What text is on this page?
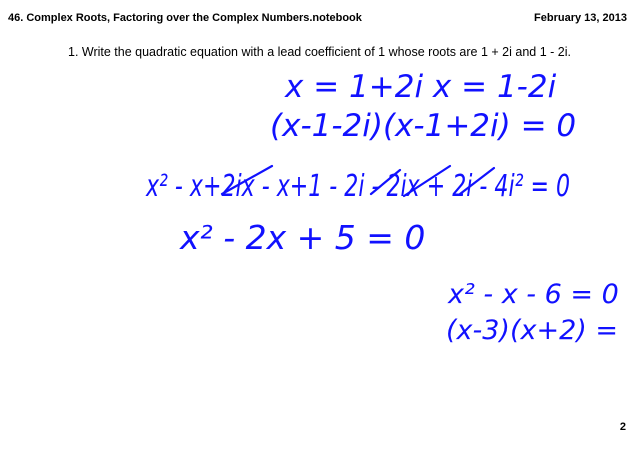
46. Complex Roots, Factoring over the Complex Numbers.notebook	February 13, 2013
1. Write the quadratic equation with a lead coefficient of 1 whose roots are 1 + 2i and 1 - 2i.
x = 1+2i x = 1-2i
(x-1-2i)(x-1+2i) = 0
x² - x+2ix - x+1 - 2i - 2ix + 2i - 4i² = 0
x² - 2x + 5 = 0
x² - x - 6 = 0
(x-3)(x+2) =
2
